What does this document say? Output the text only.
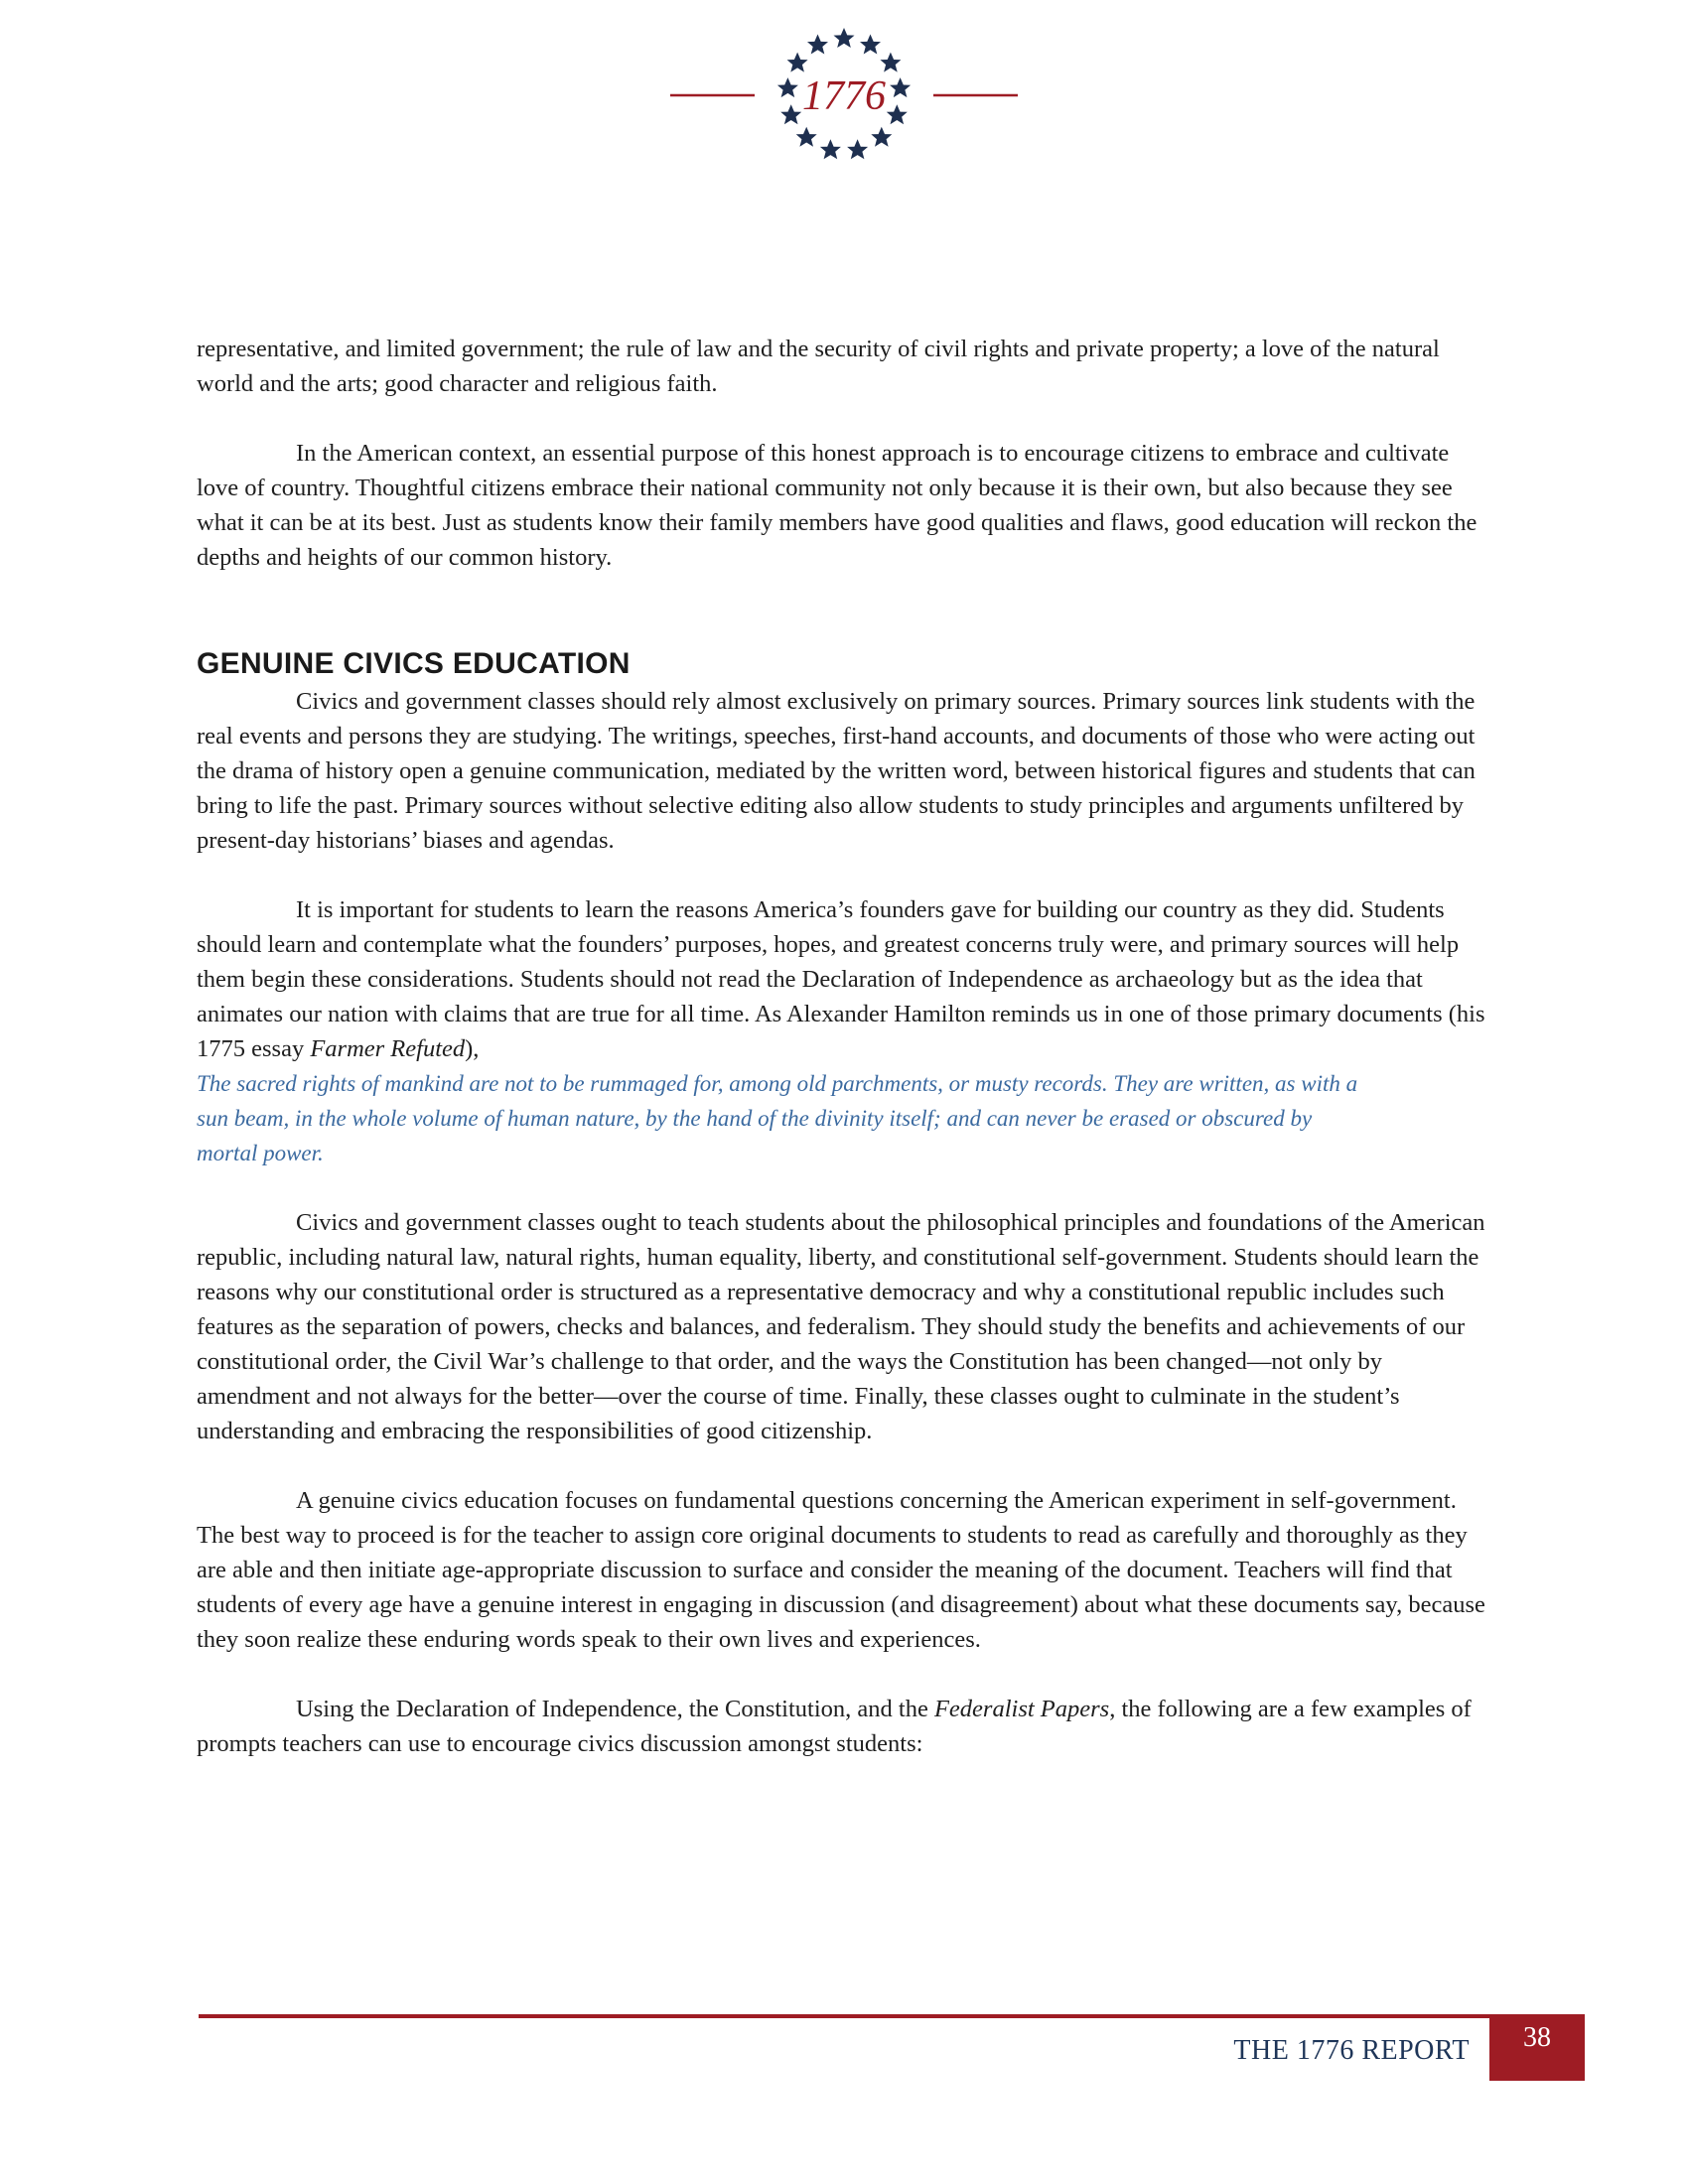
1776

representative, and limited government; the rule of law and the security of civil rights and private property; a love of the natural world and the arts; good character and religious faith.

In the American context, an essential purpose of this honest approach is to encourage citizens to embrace and cultivate love of country. Thoughtful citizens embrace their national community not only because it is their own, but also because they see what it can be at its best. Just as students know their family members have good qualities and flaws, good education will reckon the depths and heights of our common history.

GENUINE CIVICS EDUCATION

Civics and government classes should rely almost exclusively on primary sources. Primary sources link students with the real events and persons they are studying. The writings, speeches, first-hand accounts, and documents of those who were acting out the drama of history open a genuine communication, mediated by the written word, between historical figures and students that can bring to life the past. Primary sources without selective editing also allow students to study principles and arguments unfiltered by present-day historians’ biases and agendas.

It is important for students to learn the reasons America’s founders gave for building our country as they did. Students should learn and contemplate what the founders’ purposes, hopes, and greatest concerns truly were, and primary sources will help them begin these considerations. Students should not read the Declaration of Independence as archaeology but as the idea that animates our nation with claims that are true for all time. As Alexander Hamilton reminds us in one of those primary documents (his 1775 essay Farmer Refuted),

The sacred rights of mankind are not to be rummaged for, among old parchments, or musty records. They are written, as with a sun beam, in the whole volume of human nature, by the hand of the divinity itself; and can never be erased or obscured by mortal power.

Civics and government classes ought to teach students about the philosophical principles and foundations of the American republic, including natural law, natural rights, human equality, liberty, and constitutional self-government. Students should learn the reasons why our constitutional order is structured as a representative democracy and why a constitutional republic includes such features as the separation of powers, checks and balances, and federalism. They should study the benefits and achievements of our constitutional order, the Civil War’s challenge to that order, and the ways the Constitution has been changed—not only by amendment and not always for the better—over the course of time. Finally, these classes ought to culminate in the student’s understanding and embracing the responsibilities of good citizenship.

A genuine civics education focuses on fundamental questions concerning the American experiment in self-government. The best way to proceed is for the teacher to assign core original documents to students to read as carefully and thoroughly as they are able and then initiate age-appropriate discussion to surface and consider the meaning of the document. Teachers will find that students of every age have a genuine interest in engaging in discussion (and disagreement) about what these documents say, because they soon realize these enduring words speak to their own lives and experiences.

Using the Declaration of Independence, the Constitution, and the Federalist Papers, the following are a few examples of prompts teachers can use to encourage civics discussion amongst students:

THE 1776 REPORT	38
